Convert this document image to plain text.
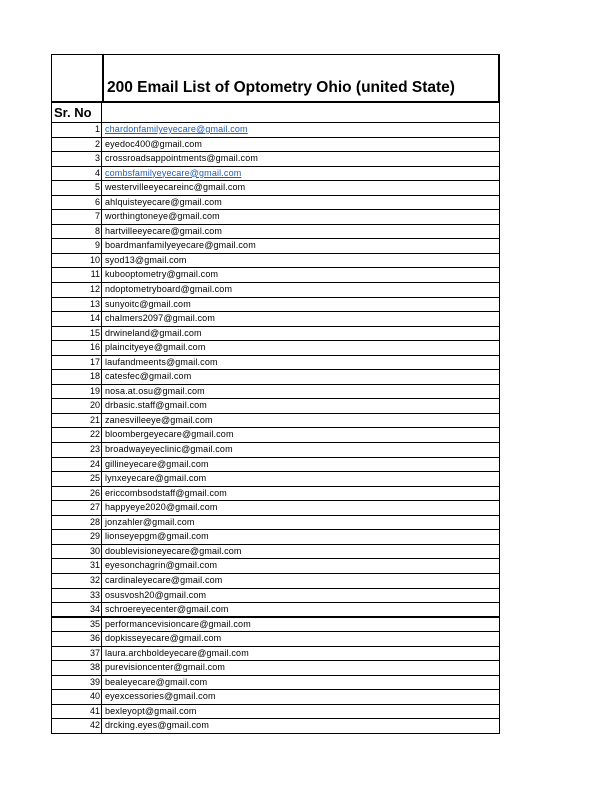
200 Email List of Optometry Ohio (united State)
Sr. No
1 chardonfamilyeyecare@gmail.com
2 eyedoc400@gmail.com
3 crossroadsappointments@gmail.com
4 combsfamilyeyecare@gmail.com
5 westervilleeyecareinc@gmail.com
6 ahlquisteyecare@gmail.com
7 worthingtoneye@gmail.com
8 hartvilleeyecare@gmail.com
9 boardmanfamilyeyecare@gmail.com
10 syod13@gmail.com
11 kubooptometry@gmail.com
12 ndoptometryboard@gmail.com
13 sunyoitc@gmail.com
14 chalmers2097@gmail.com
15 drwineland@gmail.com
16 plaincityeye@gmail.com
17 laufandmeents@gmail.com
18 catesfec@gmail.com
19 nosa.at.osu@gmail.com
20 drbasic.staff@gmail.com
21 zanesvilleeye@gmail.com
22 bloombergeyecare@gmail.com
23 broadwayeyeclinic@gmail.com
24 gillineyecare@gmail.com
25 lynxeyecare@gmail.com
26 ericcombsodstaff@gmail.com
27 happyeye2020@gmail.com
28 jonzahler@gmail.com
29 lionseyepgm@gmail.com
30 doublevisioneyecare@gmail.com
31 eyesonchagrin@gmail.com
32 cardinaleyecare@gmail.com
33 osusvosh20@gmail.com
34 schroereyecenter@gmail.com
35 performancevisioncare@gmail.com
36 dopkisseyecare@gmail.com
37 laura.archboldeyecare@gmail.com
38 purevisioncenter@gmail.com
39 bealeyecare@gmail.com
40 eyexcessories@gmail.com
41 bexleyopt@gmail.com
42 drcking.eyes@gmail.com
